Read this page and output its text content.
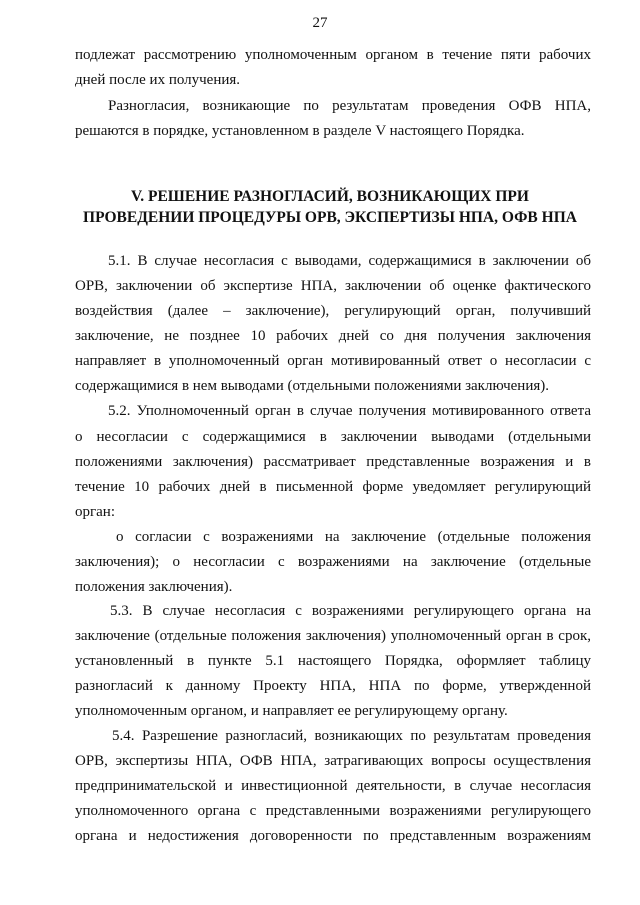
27
подлежат рассмотрению уполномоченным органом в течение пяти рабочих
дней после их получения.
Разногласия, возникающие по результатам проведения ОФВ НПА,
решаются в порядке, установленном в разделе V настоящего Порядка.
V. РЕШЕНИЕ РАЗНОГЛАСИЙ, ВОЗНИКАЮЩИХ ПРИ
ПРОВЕДЕНИИ ПРОЦЕДУРЫ ОРВ, ЭКСПЕРТИЗЫ НПА, ОФВ НПА
5.1. В случае несогласия с выводами, содержащимися в заключении об
ОРВ, заключении об экспертизе НПА, заключении об оценке фактического
воздействия (далее – заключение), регулирующий орган, получивший
заключение, не позднее 10 рабочих дней со дня получения заключения
направляет в уполномоченный орган мотивированный ответ о несогласии с
содержащимися в нем выводами (отдельными положениями заключения).
5.2. Уполномоченный орган в случае получения мотивированного ответа
о несогласии с содержащимися в заключении выводами (отдельными
положениями заключения) рассматривает представленные возражения и в
течение 10 рабочих дней в письменной форме уведомляет регулирующий
орган:
о согласии с возражениями на заключение (отдельные положения
заключения); о несогласии с возражениями на заключение (отдельные
положения заключения).
5.3. В случае несогласия с возражениями регулирующего органа на
заключение (отдельные положения заключения) уполномоченный орган в срок,
установленный в пункте 5.1 настоящего Порядка, оформляет таблицу
разногласий к данному Проекту НПА, НПА по форме, утвержденной
уполномоченным органом, и направляет ее регулирующему органу.
5.4. Разрешение разногласий, возникающих по результатам проведения
ОРВ, экспертизы НПА, ОФВ НПА, затрагивающих вопросы осуществления
предпринимательской и инвестиционной деятельности, в случае несогласия
уполномоченного органа с представленными возражениями регулирующего
органа и недостижения договоренности по представленным возражениям
